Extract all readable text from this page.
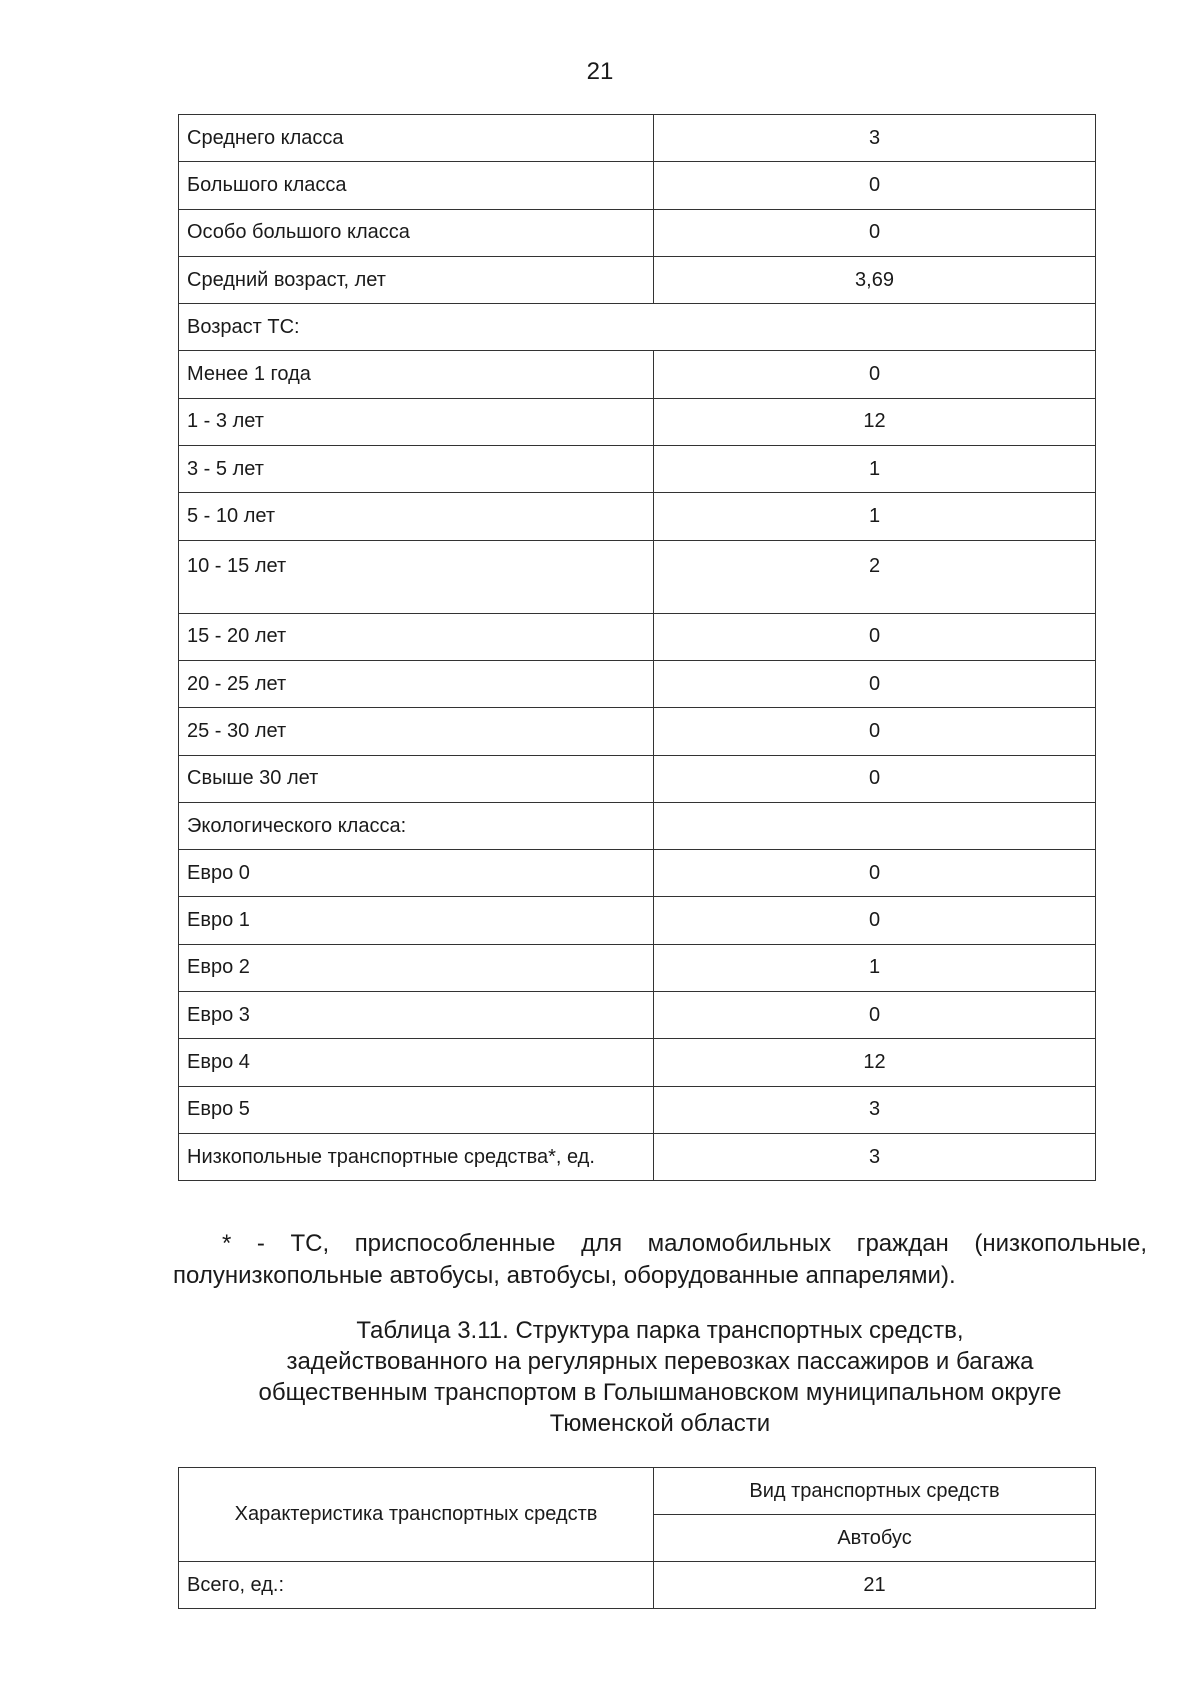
21
Среднего класса	3
Большого класса	0
Особо большого класса	0
Средний возраст, лет	3,69
Возраст ТС:	
Менее 1 года	0
1 - 3 лет	12
3 - 5 лет	1
5 - 10 лет	1
10 - 15 лет	2
15 - 20 лет	0
20 - 25 лет	0
25 - 30 лет	0
Свыше 30 лет	0
Экологического класса:	
Евро 0	0
Евро 1	0
Евро 2	1
Евро 3	0
Евро 4	12
Евро 5	3
Низкопольные транспортные средства*, ед.	3

* - ТС, приспособленные для маломобильных граждан (низкопольные, полунизкопольные автобусы, автобусы, оборудованные аппарелями).

Таблица 3.11. Структура парка транспортных средств,
задействованного на регулярных перевозках пассажиров и багажа
общественным транспортом в Голышмановском муниципальном округе
Тюменской области
Характеристика транспортных средств	Вид транспортных средств
	Автобус
Всего, ед.:	21
